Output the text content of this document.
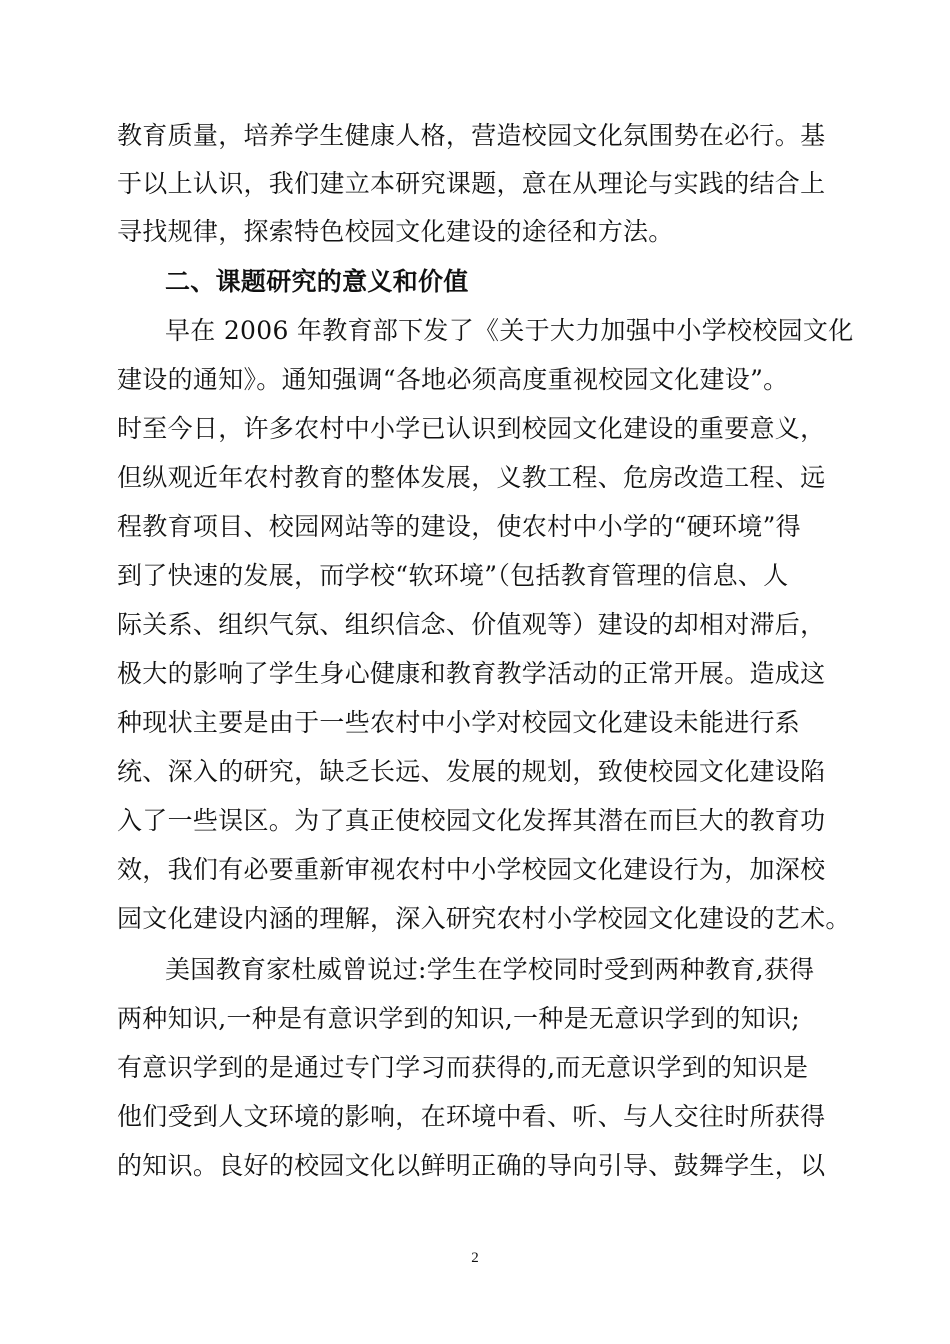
教育质量，培养学生健康人格，营造校园文化氛围势在必行。基
于以上认识，我们建立本研究课题，意在从理论与实践的结合上
寻找规律，探索特色校园文化建设的途径和方法。
二、课题研究的意义和价值
早在 2006 年教育部下发了《关于大力加强中小学校校园文化
建设的通知》。通知强调“各地必须高度重视校园文化建设”。
时至今日，许多农村中小学已认识到校园文化建设的重要意义，
但纵观近年农村教育的整体发展，义教工程、危房改造工程、远
程教育项目、校园网站等的建设，使农村中小学的“硬环境”得
到了快速的发展，而学校“软环境”（包括教育管理的信息、人
际关系、组织气氛、组织信念、价值观等）建设的却相对滞后，
极大的影响了学生身心健康和教育教学活动的正常开展。造成这
种现状主要是由于一些农村中小学对校园文化建设未能进行系
统、深入的研究，缺乏长远、发展的规划，致使校园文化建设陷
入了一些误区。为了真正使校园文化发挥其潜在而巨大的教育功
效，我们有必要重新审视农村中小学校园文化建设行为，加深校
园文化建设内涵的理解，深入研究农村小学校园文化建设的艺术。
美国教育家杜威曾说过:学生在学校同时受到两种教育,获得
两种知识,一种是有意识学到的知识,一种是无意识学到的知识;
有意识学到的是通过专门学习而获得的,而无意识学到的知识是
他们受到人文环境的影响，在环境中看、听、与人交往时所获得
的知识。良好的校园文化以鲜明正确的导向引导、鼓舞学生，以
2
